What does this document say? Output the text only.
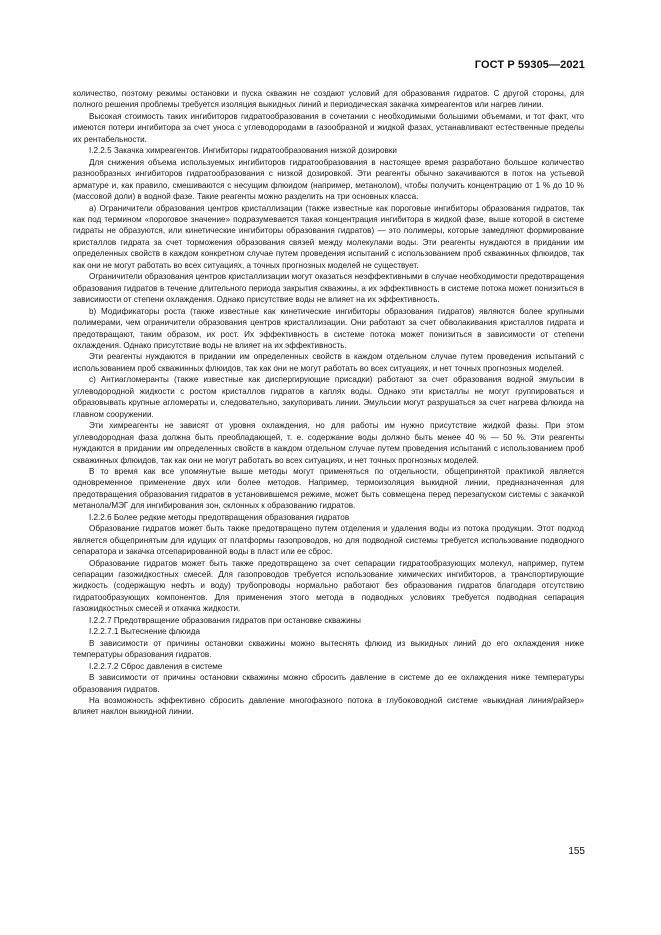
ГОСТ Р 59305—2021

количество, поэтому режимы остановки и пуска скважин не создают условий для образования гидратов. С другой стороны, для полного решения проблемы требуется изоляция выкидных линий и периодическая закачка химреагентов или нагрев линии.

Высокая стоимость таких ингибиторов гидратообразования в сочетании с необходимыми большими объемами, и тот факт, что имеются потери ингибитора за счет уноса с углеводородами в газообразной и жидкой фазах, устанавливают естественные пределы их рентабельности.

I.2.2.5 Закачка химреагентов. Ингибиторы гидратообразования низкой дозировки

Для снижения объема используемых ингибиторов гидратообразования в настоящее время разработано большое количество разнообразных ингибиторов гидратообразования с низкой дозировкой. Эти реагенты обычно закачиваются в поток на устьевой арматуре и, как правило, смешиваются с несущим флюидом (например, метанолом), чтобы получить концентрацию от 1 % до 10 % (массовой доли) в водной фазе. Такие реагенты можно разделить на три основных класса.

а) Ограничители образования центров кристаллизации (также известные как пороговые ингибиторы образования гидратов, так как под термином «пороговое значение» подразумевается такая концентрация ингибитора в жидкой фазе, выше которой в системе гидраты не образуются, или кинетические ингибиторы образования гидратов) — это полимеры, которые замедляют формирование кристаллов гидрата за счет торможения образования связей между молекулами воды. Эти реагенты нуждаются в придании им определенных свойств в каждом конкретном случае путем проведения испытаний с использованием проб скважинных флюидов, так как они не могут работать во всех ситуациях, а точных прогнозных моделей не существует.

Ограничители образования центров кристаллизации могут оказаться неэффективными в случае необходимости предотвращения образования гидратов в течение длительного периода закрытия скважины, а их эффективность в системе потока может понизиться в зависимости от степени охлаждения. Однако присутствие воды не влияет на их эффективность.

b) Модификаторы роста (также известные как кинетические ингибиторы образования гидратов) являются более крупными полимерами, чем ограничители образования центров кристаллизации. Они работают за счет обволакивания кристаллов гидрата и предотвращают, таким образом, их рост. Их эффективность в системе потока может понизиться в зависимости от степени охлаждения. Однако присутствие воды не влияет на их эффективность.

Эти реагенты нуждаются в придании им определенных свойств в каждом отдельном случае путем проведения испытаний с использованием проб скважинных флюидов, так как они не могут работать во всех ситуациях, и нет точных прогнозных моделей.

c) Антиагломеранты (также известные как диспергирующие присадки) работают за счет образования водной эмульсии в углеводородной жидкости с ростом кристаллов гидратов в каплях воды. Однако эти кристаллы не могут группироваться и образовывать крупные агломераты и, следовательно, закупоривать линии. Эмульсии могут разрушаться за счет нагрева флюида на главном сооружении.

Эти химреагенты не зависят от уровня охлаждения, но для работы им нужно присутствие жидкой фазы. При этом углеводородная фаза должна быть преобладающей, т. е. содержание воды должно быть менее 40 % — 50 %. Эти реагенты нуждаются в придании им определенных свойств в каждом отдельном случае путем проведения испытаний с использованием проб скважинных флюидов, так как они не могут работать во всех ситуациях, и нет точных прогнозных моделей.

В то время как все упомянутые выше методы могут применяться по отдельности, общепринятой практикой является одновременное применение двух или более методов. Например, термоизоляция выкидной линии, предназначенная для предотвращения образования гидратов в установившемся режиме, может быть совмещена перед перезапуском системы с закачкой метанола/МЭГ для ингибирования зон, склонных к образованию гидратов.

I.2.2.6 Более редкие методы предотвращения образования гидратов

Образование гидратов может быть также предотвращено путем отделения и удаления воды из потока продукции. Этот подход является общепринятым для идущих от платформы газопроводов, но для подводной системы требуется использование подводного сепаратора и закачка отсепарированной воды в пласт или ее сброс.

Образование гидратов может быть также предотвращено за счет сепарации гидратообразующих молекул, например, путем сепарации газожидкостных смесей. Для газопроводов требуется использование химических ингибиторов, а транспортирующие жидкость (содержащую нефть и воду) трубопроводы нормально работают без образования гидратов благодаря отсутствию гидратообразующих компонентов. Для применения этого метода в подводных условиях требуется подводная сепарация газожидкостных смесей и откачка жидкости.

I.2.2.7 Предотвращение образования гидратов при остановке скважины

I.2.2.7.1 Вытеснение флюида

В зависимости от причины остановки скважины можно вытеснять флюид из выкидных линий до его охлаждения ниже температуры образования гидратов.

I.2.2.7.2 Сброс давления в системе

В зависимости от причины остановки скважины можно сбросить давление в системе до ее охлаждения ниже температуры образования гидратов.

На возможность эффективно сбросить давление многофазного потока в глубоководной системе «выкидная линия/райзер» влияет наклон выкидной линии.

155
